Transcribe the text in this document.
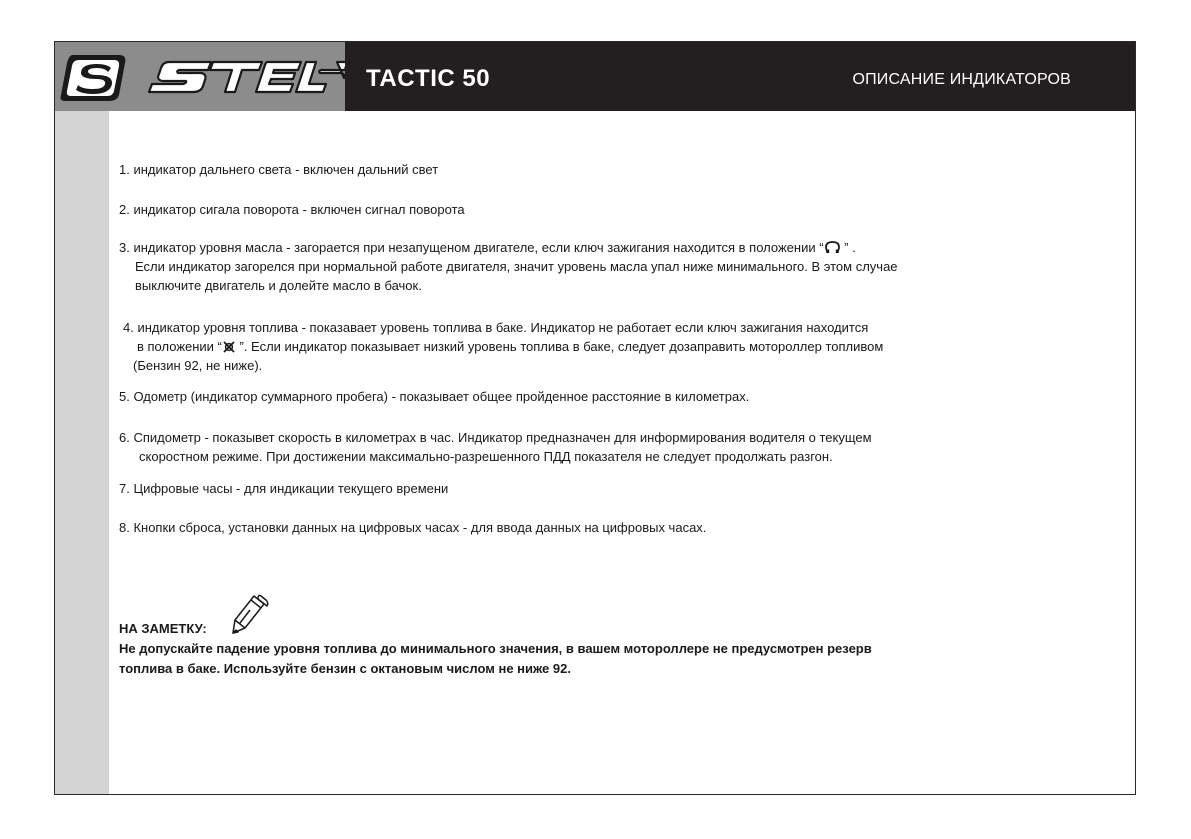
TACTIC 50	ОПИСАНИЕ ИНДИКАТОРОВ
1. индикатор дальнего света - включен дальний свет
2. индикатор сигала поворота - включен сигнал поворота
3. индикатор уровня масла - загорается при незапущеном двигателе, если ключ зажигания находится в положении “ ” .
Если индикатор загорелся при нормальной работе двигателя, значит уровень масла упал ниже минимального. В этом случае
выключите двигатель и долейте масло в бачок.
4. индикатор уровня топлива - показавает уровень топлива в баке. Индикатор не работает если ключ зажигания находится
в положении “ ”. Если индикатор показывает низкий уровень топлива в баке, следует дозаправить мотороллер топливом
(Бензин 92, не ниже).
5. Одометр (индикатор суммарного пробега) - показывает общее пройденное расстояние в километрах.
6. Спидометр - показывет скорость в километрах в час. Индикатор предназначен для информирования водителя о текущем
скоростном режиме. При достижении максимально-разрешенного ПДД показателя не следует продолжать разгон.
7. Цифровые часы - для индикации текущего времени
8. Кнопки сброса, установки данных на цифровых часах - для ввода данных на цифровых часах.
НА ЗАМЕТКУ:
Не допускайте падение уровня топлива до минимального значения, в вашем мотороллере не предусмотрен резерв
топлива в баке. Используйте бензин с октановым числом не ниже 92.
